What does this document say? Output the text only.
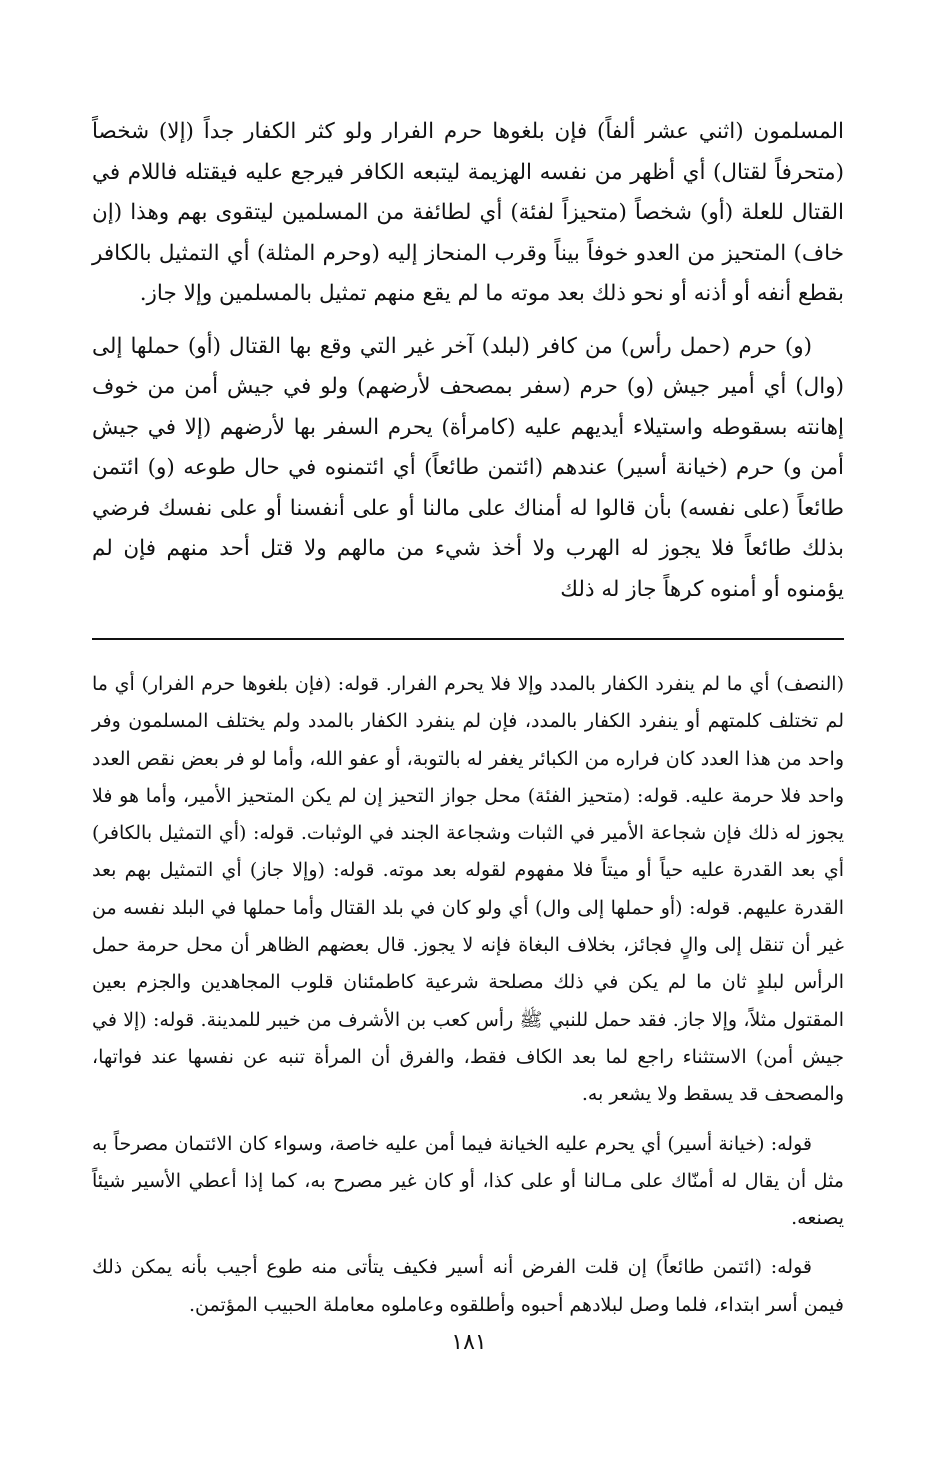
المسلمون (اثني عشر ألفاً) فإن بلغوها حرم الفرار ولو كثر الكفار جداً (إلا) شخصاً (متحرفاً لقتال) أي أظهر من نفسه الهزيمة ليتبعه الكافر فيرجع عليه فيقتله فاللام في القتال للعلة (أو) شخصاً (متحيزاً لفئة) أي لطائفة من المسلمين ليتقوى بهم وهذا (إن خاف) المتحيز من العدو خوفاً بيناً وقرب المنحاز إليه (وحرم المثلة) أي التمثيل بالكافر بقطع أنفه أو أذنه أو نحو ذلك بعد موته ما لم يقع منهم تمثيل بالمسلمين وإلا جاز.

(و) حرم (حمل رأس) من كافر (لبلد) آخر غير التي وقع بها القتال (أو) حملها إلى (وال) أي أمير جيش (و) حرم (سفر بمصحف لأرضهم) ولو في جيش أمن من خوف إهانته بسقوطه واستيلاء أيديهم عليه (كامرأة) يحرم السفر بها لأرضهم (إلا في جيش أمن و) حرم (خيانة أسير) عندهم (ائتمن طائعاً) أي ائتمنوه في حال طوعه (و) ائتمن طائعاً (على نفسه) بأن قالوا له أمناك على مالنا أو على أنفسنا أو على نفسك فرضي بذلك طائعاً فلا يجوز له الهرب ولا أخذ شيء من مالهم ولا قتل أحد منهم فإن لم يؤمنوه أو أمنوه كرهاً جاز له ذلك

(النصف) أي ما لم ينفرد الكفار بالمدد وإلا فلا يحرم الفرار. قوله: (فإن بلغوها حرم الفرار) أي ما لم تختلف كلمتهم أو ينفرد الكفار بالمدد، فإن لم ينفرد الكفار بالمدد ولم يختلف المسلمون وفر واحد من هذا العدد كان فراره من الكبائر يغفر له بالتوبة، أو عفو الله، وأما لو فر بعض نقص العدد واحد فلا حرمة عليه. قوله: (متحيز الفئة) محل جواز التحيز إن لم يكن المتحيز الأمير، وأما هو فلا يجوز له ذلك فإن شجاعة الأمير في الثبات وشجاعة الجند في الوثبات. قوله: (أي التمثيل بالكافر) أي بعد القدرة عليه حياً أو ميتاً فلا مفهوم لقوله بعد موته. قوله: (وإلا جاز) أي التمثيل بهم بعد القدرة عليهم. قوله: (أو حملها إلى وال) أي ولو كان في بلد القتال وأما حملها في البلد نفسه من غير أن تنقل إلى والٍ فجائز، بخلاف البغاة فإنه لا يجوز. قال بعضهم الظاهر أن محل حرمة حمل الرأس لبلدٍ ثان ما لم يكن في ذلك مصلحة شرعية كاطمئنان قلوب المجاهدين والجزم بعين المقتول مثلاً، وإلا جاز. فقد حمل للنبي ﷺ رأس كعب بن الأشرف من خيبر للمدينة. قوله: (إلا في جيش أمن) الاستثناء راجع لما بعد الكاف فقط، والفرق أن المرأة تنبه عن نفسها عند فواتها، والمصحف قد يسقط ولا يشعر به.

قوله: (خيانة أسير) أي يحرم عليه الخيانة فيما أمن عليه خاصة، وسواء كان الائتمان مصرحاً به مثل أن يقال له أمنّاك على مـالنا أو على كذا، أو كان غير مصرح به، كما إذا أعطي الأسير شيئاً يصنعه.

قوله: (ائتمن طائعاً) إن قلت الفرض أنه أسير فكيف يتأتى منه طوع أجيب بأنه يمكن ذلك فيمن أسر ابتداء، فلما وصل لبلادهم أحبوه وأطلقوه وعاملوه معاملة الحبيب المؤتمن.

١٨١
